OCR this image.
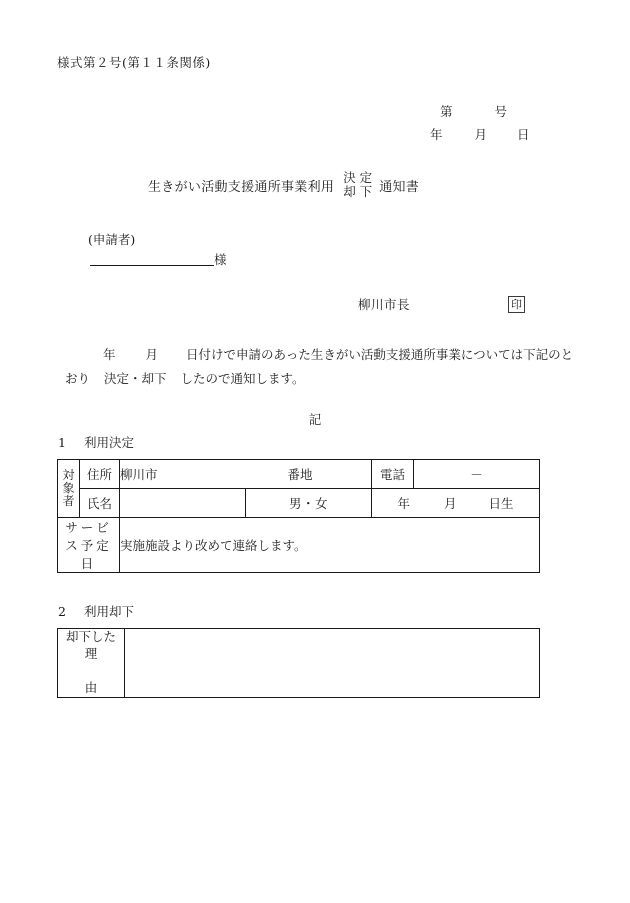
様式第２号(第１１条関係)
第	号
年	月 日
生きがい活動支援通所事業利用
決 定
却 下 通知書
(申請者)
様
柳川市長	印
年 月 日付けで申請のあった生きがい活動支援通所事業については下記のとおり 決定・却下 したので通知します。
記
1 利用決定
対
象
者	住所	柳川市 番地		電話	－
	氏名		男・女	年 月 日生	
サービス予定日		実施施設より改めて連絡します。			
2 利用却下
却下した
理
由
